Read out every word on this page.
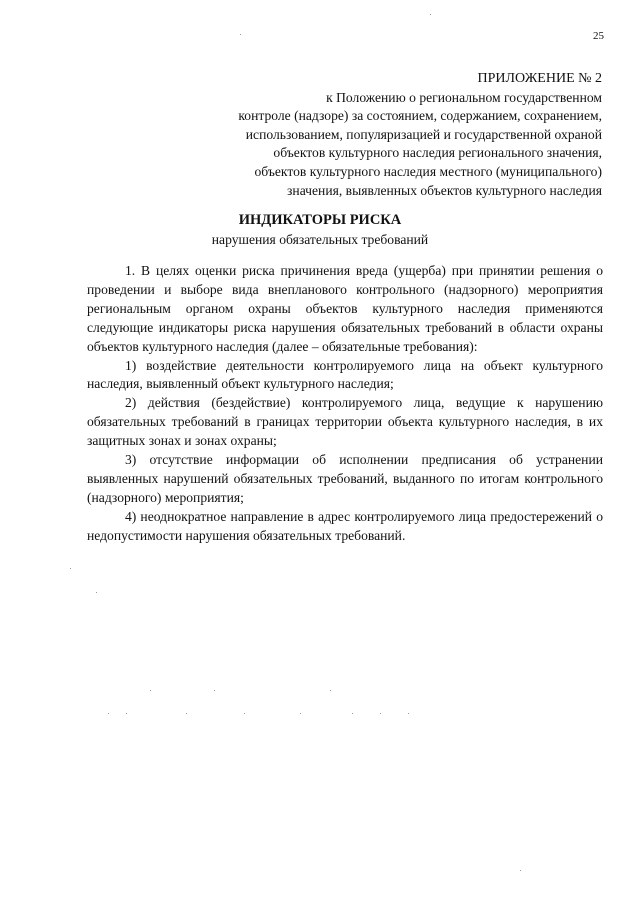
25
ПРИЛОЖЕНИЕ № 2
к Положению о региональном государственном
контроле (надзоре) за состоянием, содержанием, сохранением,
использованием, популяризацией и государственной охраной
объектов культурного наследия регионального значения,
объектов культурного наследия местного (муниципального)
значения, выявленных объектов культурного наследия
ИНДИКАТОРЫ РИСКА
нарушения обязательных требований

1. В целях оценки риска причинения вреда (ущерба) при принятии решения о проведении и выборе вида внепланового контрольного (надзорного) мероприятия региональным органом охраны объектов культурного наследия применяются следующие индикаторы риска нарушения обязательных требований в области охраны объектов культурного наследия (далее – обязательные требования):

1) воздействие деятельности контролируемого лица на объект культурного наследия, выявленный объект культурного наследия;

2) действия (бездействие) контролируемого лица, ведущие к нарушению обязательных требований в границах территории объекта культурного наследия, в их защитных зонах и зонах охраны;

3) отсутствие информации об исполнении предписания об устранении выявленных нарушений обязательных требований, выданного по итогам контрольного (надзорного) мероприятия;

4) неоднократное направление в адрес контролируемого лица предостережений о недопустимости нарушения обязательных требований.
